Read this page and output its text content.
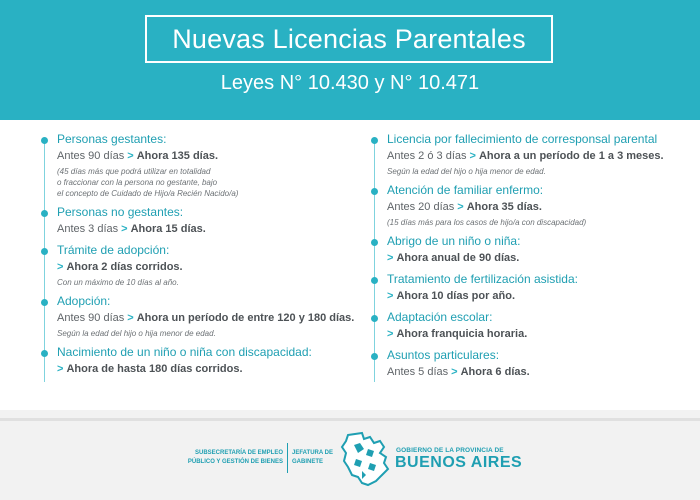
Nuevas Licencias Parentales
Leyes N° 10.430 y N° 10.471
Personas gestantes:
Antes 90 días > Ahora 135 días.
(45 días más que podrá utilizar en totalidad
o fraccionar con la persona no gestante, bajo
el concepto de Cuidado de Hijo/a Recién Nacido/a)
Personas no gestantes:
Antes 3 días > Ahora 15 días.
Trámite de adopción:
> Ahora 2 días corridos.
Con un máximo de 10 días al año.
Adopción:
Antes 90 días > Ahora un período de entre 120 y 180 días.
Según la edad del hijo o hija menor de edad.
Nacimiento de un niño o niña con discapacidad:
> Ahora de hasta 180 días corridos.
Licencia por fallecimiento de corresponsal parental
Antes 2 ó 3 días > Ahora a un período de 1 a 3 meses.
Según la edad del hijo o hija menor de edad.
Atención de familiar enfermo:
Antes 20 días > Ahora 35 días.
(15 días más para los casos de hijo/a con discapacidad)
Abrigo de un niño o niña:
> Ahora anual de 90 días.
Tratamiento de fertilización asistida:
> Ahora 10 días por año.
Adaptación escolar:
> Ahora franquicia horaria.
Asuntos particulares:
Antes 5 días > Ahora 6 días.
SUBSECRETARÍA DE EMPLEO
PÚBLICO Y GESTIÓN DE BIENES
JEFATURA DE
GABINETE
GOBIERNO DE LA PROVINCIA DE
BUENOS AIRES
